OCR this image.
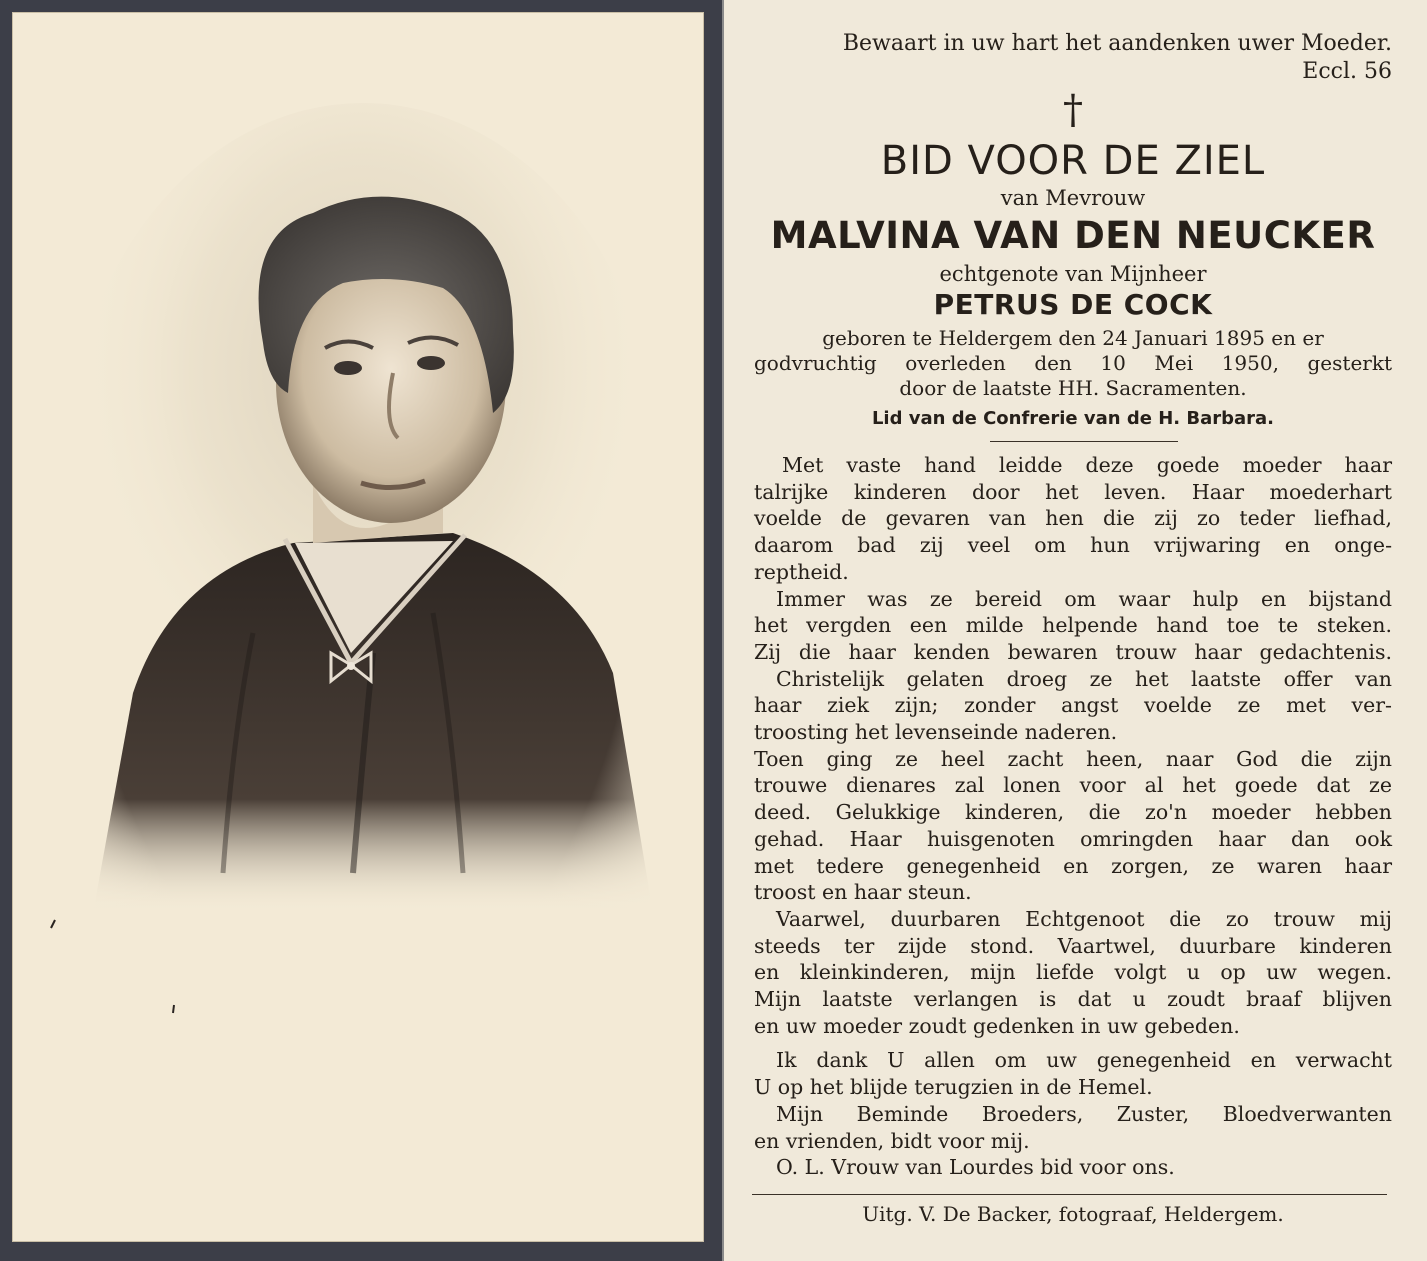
Bewaart in uw hart het aandenken uwer Moeder.
Eccl. 56
†
BID VOOR DE ZIEL
van Mevrouw
MALVINA VAN DEN NEUCKER
echtgenote van Mijnheer
PETRUS DE COCK
geboren te Heldergem den 24 Januari 1895 en er
godvruchtig overleden den 10 Mei 1950, gesterkt
door de laatste HH. Sacramenten.
Lid van de Confrerie van de H. Barbara.
Met vaste hand leidde deze goede moeder haar
talrijke kinderen door het leven. Haar moederhart
voelde de gevaren van hen die zij zo teder liefhad,
daarom bad zij veel om hun vrijwaring en onge-
reptheid.
Immer was ze bereid om waar hulp en bijstand
het vergden een milde helpende hand toe te steken.
Zij die haar kenden bewaren trouw haar gedachtenis.
Christelijk gelaten droeg ze het laatste offer van
haar ziek zijn; zonder angst voelde ze met ver-
troosting het levenseinde naderen.
Toen ging ze heel zacht heen, naar God die zijn
trouwe dienares zal lonen voor al het goede dat ze
deed. Gelukkige kinderen, die zo'n moeder hebben
gehad. Haar huisgenoten omringden haar dan ook
met tedere genegenheid en zorgen, ze waren haar
troost en haar steun.
Vaarwel, duurbaren Echtgenoot die zo trouw mij
steeds ter zijde stond. Vaartwel, duurbare kinderen
en kleinkinderen, mijn liefde volgt u op uw wegen.
Mijn laatste verlangen is dat u zoudt braaf blijven
en uw moeder zoudt gedenken in uw gebeden.
Ik dank U allen om uw genegenheid en verwacht
U op het blijde terugzien in de Hemel.
Mijn Beminde Broeders, Zuster, Bloedverwanten
en vrienden, bidt voor mij.
O. L. Vrouw van Lourdes bid voor ons.
Uitg. V. De Backer, fotograaf, Heldergem.
